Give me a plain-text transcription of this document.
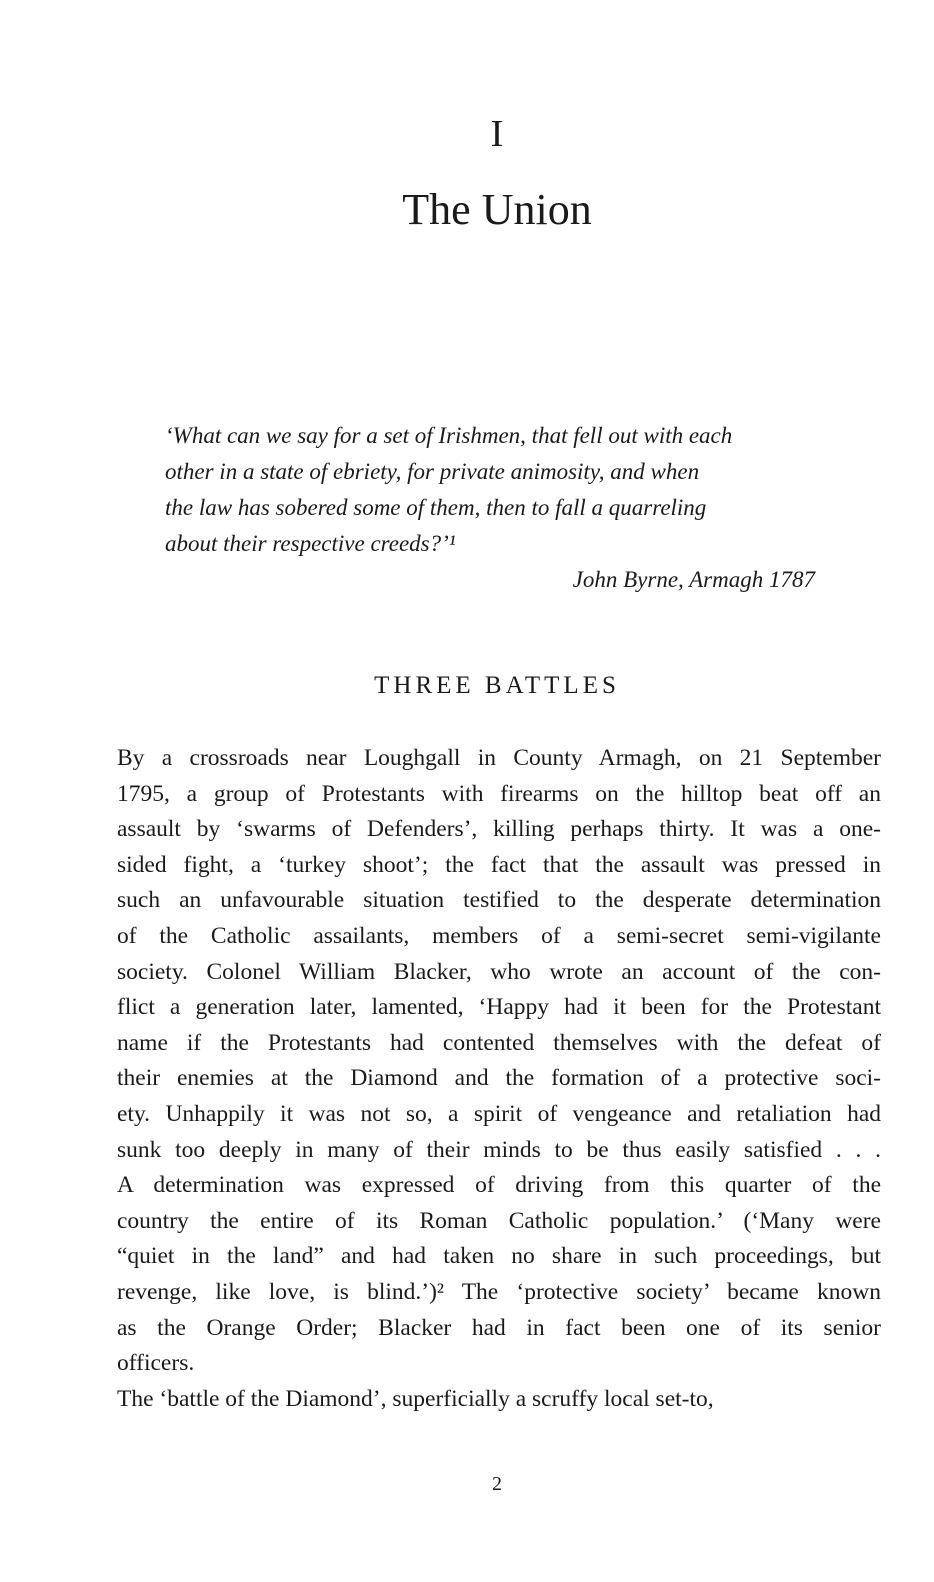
I
The Union
‘What can we say for a set of Irishmen, that fell out with each
other in a state of ebriety, for private animosity, and when
the law has sobered some of them, then to fall a quarreling
about their respective creeds?’¹
John Byrne, Armagh 1787
THREE BATTLES
By a crossroads near Loughgall in County Armagh, on 21 September
1795, a group of Protestants with firearms on the hilltop beat off an
assault by ‘swarms of Defenders’, killing perhaps thirty. It was a one-
sided fight, a ‘turkey shoot’; the fact that the assault was pressed in
such an unfavourable situation testified to the desperate determination
of the Catholic assailants, members of a semi-secret semi-vigilante
society. Colonel William Blacker, who wrote an account of the con-
flict a generation later, lamented, ‘Happy had it been for the Protestant
name if the Protestants had contented themselves with the defeat of
their enemies at the Diamond and the formation of a protective soci-
ety. Unhappily it was not so, a spirit of vengeance and retaliation had
sunk too deeply in many of their minds to be thus easily satisfied . . .
A determination was expressed of driving from this quarter of the
country the entire of its Roman Catholic population.’ (‘Many were
“quiet in the land” and had taken no share in such proceedings, but
revenge, like love, is blind.’)² The ‘protective society’ became known
as the Orange Order; Blacker had in fact been one of its senior
officers.
The ‘battle of the Diamond’, superficially a scruffy local set-to,
2
